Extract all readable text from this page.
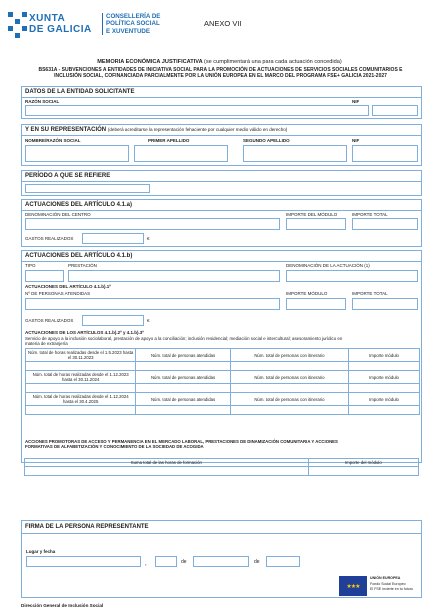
XUNTA
DE GALICIA
CONSELLERÍA DE
POLÍTICA SOCIAL
E XUVENTUDE
ANEXO VII
MEMORIA ECONÓMICA JUSTIFICATIVA (se cumplimentará una para cada actuación concedida)
BS631A - SUBVENCIONES A ENTIDADES DE INICIATIVA SOCIAL PARA LA PROMOCIÓN DE ACTUACIONES DE SERVICIOS SOCIALES COMUNITARIOS E
INCLUSIÓN SOCIAL, COFINANCIADA PARCIALMENTE POR LA UNIÓN EUROPEA EN EL MARCO DEL PROGRAMA FSE+ GALICIA 2021-2027
DATOS DE LA ENTIDAD SOLICITANTE
RAZÓN SOCIAL	NIF
Y EN SU REPRESENTACIÓN (deberá acreditarse la representación fehaciente por cualquier medio válido en derecho)
NOMBRE/RAZÓN SOCIAL	PRIMER APELLIDO	SEGUNDO APELLIDO	NIF
PERÍODO A QUE SE REFIERE
ACTUACIONES DEL ARTÍCULO 4.1.a)
DENOMINACIÓN DEL CENTRO	IMPORTE DEL MÓDULO	IMPORTE TOTAL
GASTOS REALIZADOS	€
ACTUACIONES DEL ARTÍCULO 4.1.b)
TIPO	PRESTACIÓN	DENOMINACIÓN DE LA ACTUACIÓN (1)
ACTUACIONES DEL ARTÍCULO 4.1.b).1º
Nº DE PERSONAS ATENDIDAS	IMPORTE MÓDULO	IMPORTE TOTAL
GASTOS REALIZADOS	€
ACTUACIONES DE LOS ARTÍCULOS 4.1.b).2º y 4.1.b).3º
Servicio de apoyo a la inclusión sociolaboral, prestación de apoyo a la conciliación; inclusión residencial; mediación social e intercultural; asesoramiento jurídico en
materia de extranjería
Núm. total de horas realizadas desde el 1.5.2023 hasta el 30.11.2023	Núm. total de personas atendidas	Núm. total de personas con itinerario	Importe módulo

Núm. total de horas realizadas desde el 1.12.2023 hasta el 30.11.2024	Núm. total de personas atendidas	Núm. total de personas con itinerario	Importe módulo

Núm. total de horas realizadas desde el 1.12.2024 hasta el 30.4.2025	Núm. total de personas atendidas	Núm. total de personas con itinerario	Importe módulo

ACCIONES PROMOTORAS DE ACCESO Y PERMANENCIA EN EL MERCADO LABORAL, PRESTACIONES DE DINAMIZACIÓN COMUNITARIA Y ACCIONES
FORMATIVAS DE ALFABETIZACIÓN Y CONOCIMIENTO DE LA SOCIEDAD DE ACOGIDA
Suma total de las horas de formación	Importe del módulo

FIRMA DE LA PERSONA REPRESENTANTE
Lugar y fecha
,	de	de
★★★
UNIÓN EUROPEA
Fondo Social Europeo
El FSE invierte en tu futuro
Dirección General de Inclusión Social
